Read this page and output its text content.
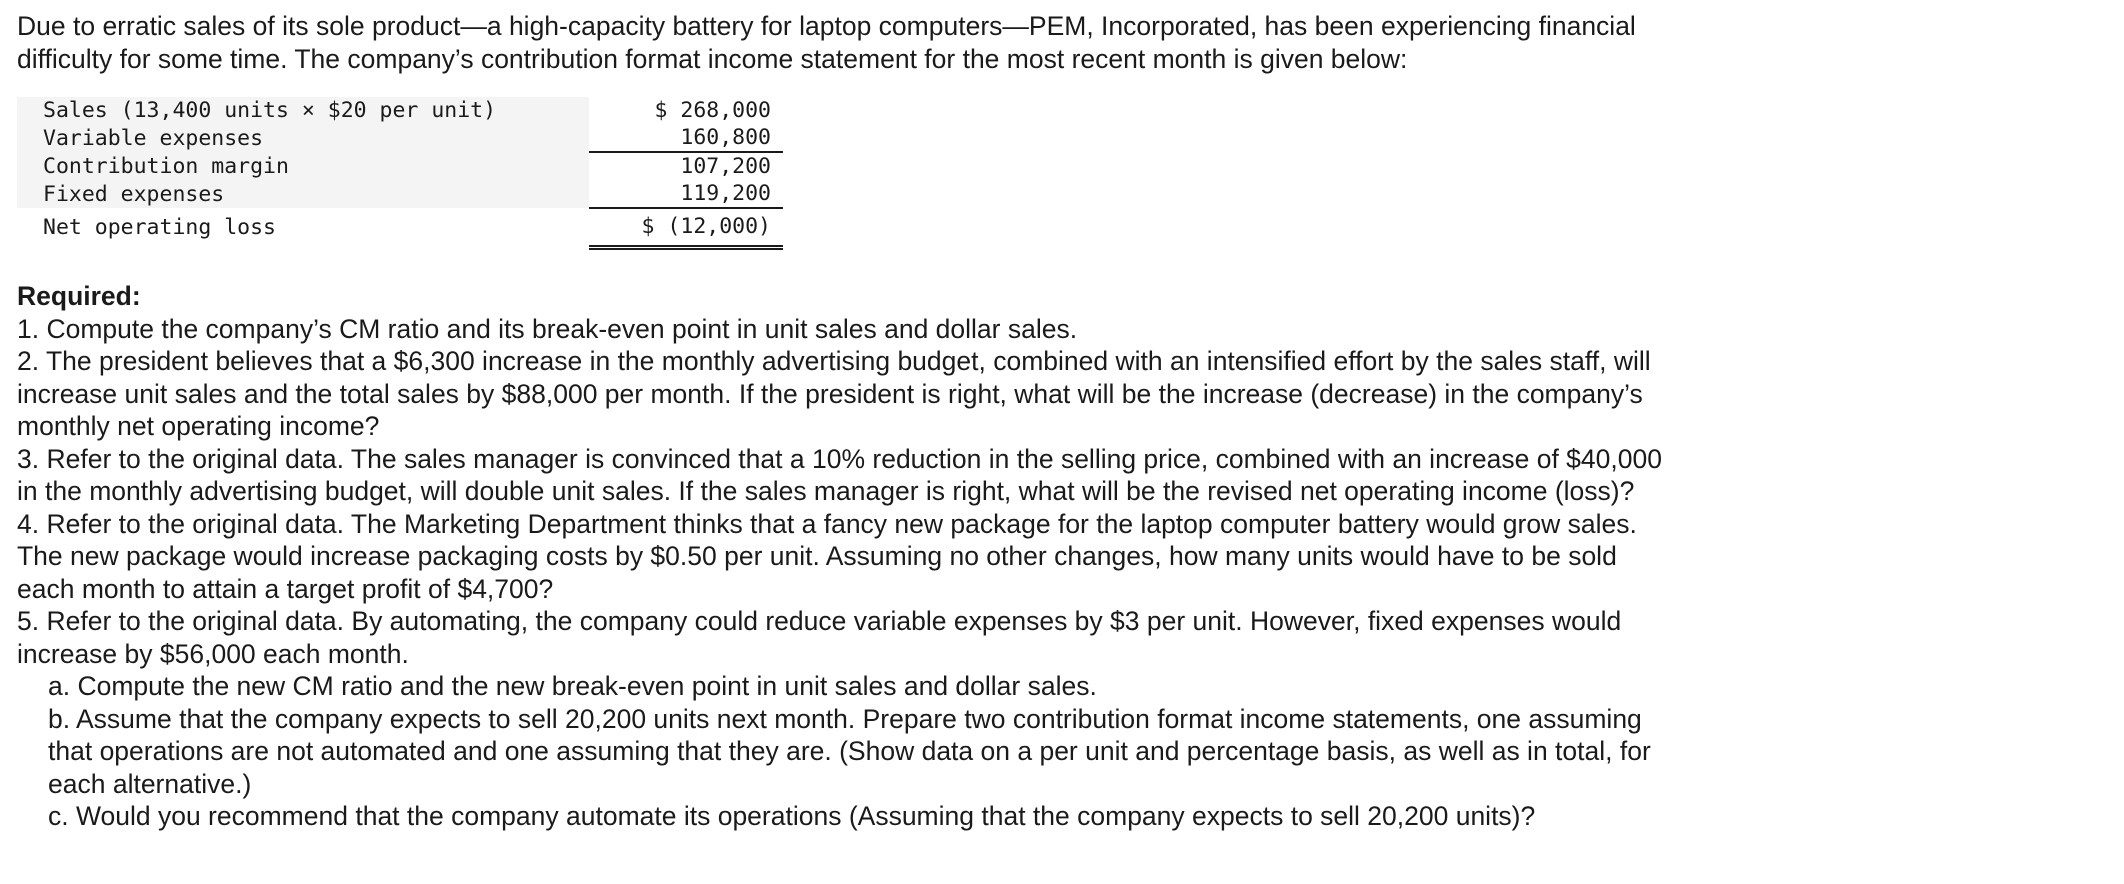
Due to erratic sales of its sole product—a high-capacity battery for laptop computers—PEM, Incorporated, has been experiencing financial difficulty for some time. The company’s contribution format income statement for the most recent month is given below:

Sales (13,400 units × $20 per unit)	$ 268,000
Variable expenses	160,800
Contribution margin	107,200
Fixed expenses	119,200
Net operating loss	$ (12,000)
Required:

1. Compute the company’s CM ratio and its break-even point in unit sales and dollar sales.

2. The president believes that a $6,300 increase in the monthly advertising budget, combined with an intensified effort by the sales staff, will increase unit sales and the total sales by $88,000 per month. If the president is right, what will be the increase (decrease) in the company’s monthly net operating income?

3. Refer to the original data. The sales manager is convinced that a 10% reduction in the selling price, combined with an increase of $40,000 in the monthly advertising budget, will double unit sales. If the sales manager is right, what will be the revised net operating income (loss)?

4. Refer to the original data. The Marketing Department thinks that a fancy new package for the laptop computer battery would grow sales. The new package would increase packaging costs by $0.50 per unit. Assuming no other changes, how many units would have to be sold each month to attain a target profit of $4,700?

5. Refer to the original data. By automating, the company could reduce variable expenses by $3 per unit. However, fixed expenses would increase by $56,000 each month.

a. Compute the new CM ratio and the new break-even point in unit sales and dollar sales.

b. Assume that the company expects to sell 20,200 units next month. Prepare two contribution format income statements, one assuming that operations are not automated and one assuming that they are. (Show data on a per unit and percentage basis, as well as in total, for each alternative.)

c. Would you recommend that the company automate its operations (Assuming that the company expects to sell 20,200 units)?
